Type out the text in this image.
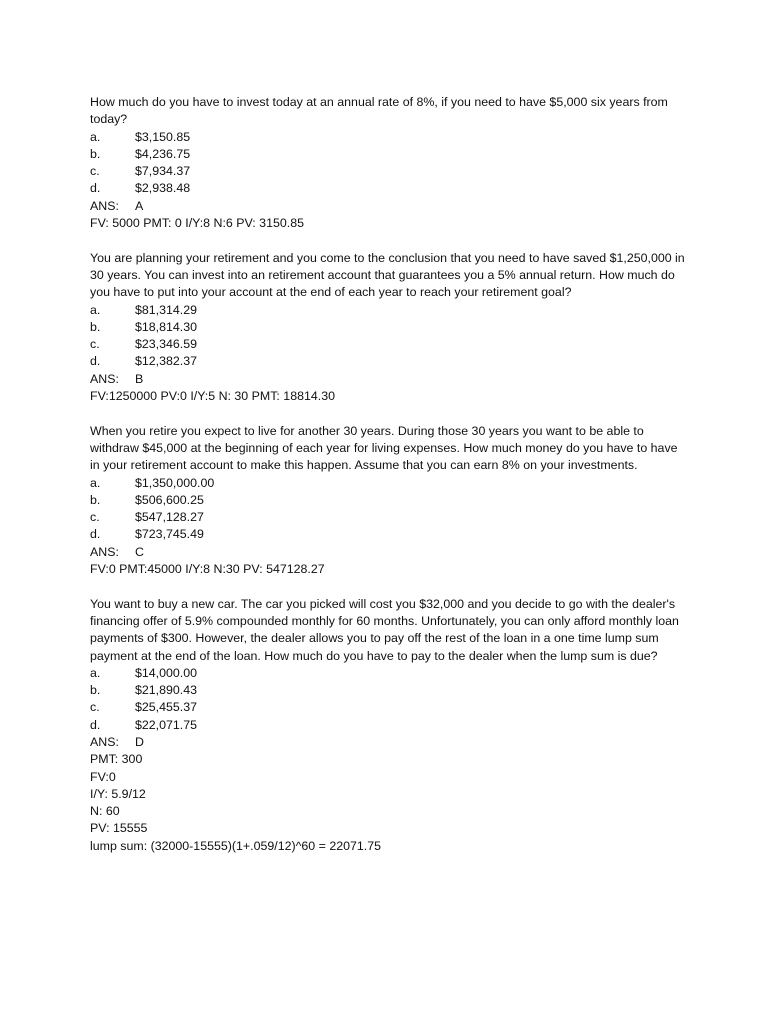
How much do you have to invest today at an annual rate of 8%, if you need to have $5,000 six years from today?

a.	$3,150.85
b.	$4,236.75
c.	$7,934.37
d.	$2,938.48
ANS:	A
FV: 5000 PMT: 0 I/Y:8 N:6 PV: 3150.85

You are planning your retirement and you come to the conclusion that you need to have saved $1,250,000 in 30 years. You can invest into an retirement account that guarantees you a 5% annual return. How much do you have to put into your account at the end of each year to reach your retirement goal?

a.	$81,314.29
b.	$18,814.30
c.	$23,346.59
d.	$12,382.37
ANS:	B
FV:1250000 PV:0 I/Y:5 N: 30 PMT: 18814.30

When you retire you expect to live for another 30 years. During those 30 years you want to be able to withdraw $45,000 at the beginning of each year for living expenses. How much money do you have to have in your retirement account to make this happen. Assume that you can earn 8% on your investments.

a.	$1,350,000.00
b.	$506,600.25
c.	$547,128.27
d.	$723,745.49
ANS:	C
FV:0 PMT:45000 I/Y:8 N:30 PV: 547128.27

You want to buy a new car. The car you picked will cost you $32,000 and you decide to go with the dealer's financing offer of 5.9% compounded monthly for 60 months. Unfortunately, you can only afford monthly loan payments of $300. However, the dealer allows you to pay off the rest of the loan in a one time lump sum payment at the end of the loan. How much do you have to pay to the dealer when the lump sum is due?

a.	$14,000.00
b.	$21,890.43
c.	$25,455.37
d.	$22,071.75
ANS:	D
PMT: 300
FV:0
I/Y: 5.9/12
N: 60
PV: 15555
lump sum: (32000-15555)(1+.059/12)^60 = 22071.75
